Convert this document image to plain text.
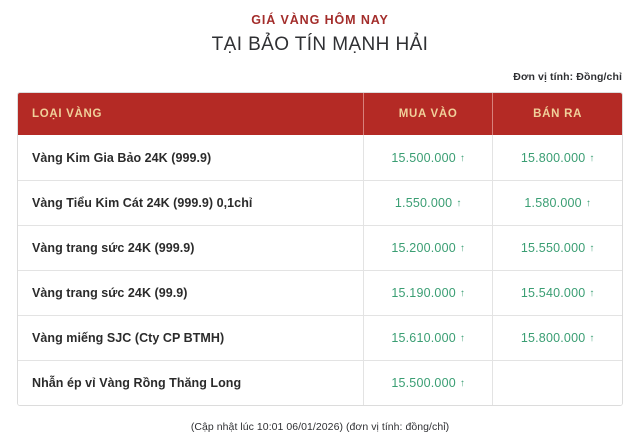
GIÁ VÀNG HÔM NAY
TẠI BẢO TÍN MẠNH HẢI
Đơn vị tính: Đồng/chỉ
LOẠI VÀNG	MUA VÀO	BÁN RA
Vàng Kim Gia Bảo 24K (999.9)	15.500.000 ↑	15.800.000 ↑
Vàng Tiểu Kim Cát 24K (999.9) 0,1chỉ	1.550.000 ↑	1.580.000 ↑
Vàng trang sức 24K (999.9)	15.200.000 ↑	15.550.000 ↑
Vàng trang sức 24K (99.9)	15.190.000 ↑	15.540.000 ↑
Vàng miếng SJC (Cty CP BTMH)	15.610.000 ↑	15.800.000 ↑
Nhẫn ép vỉ Vàng Rồng Thăng Long	15.500.000 ↑	
(Cập nhật lúc 10:01 06/01/2026) (đơn vị tính: đồng/chỉ)
